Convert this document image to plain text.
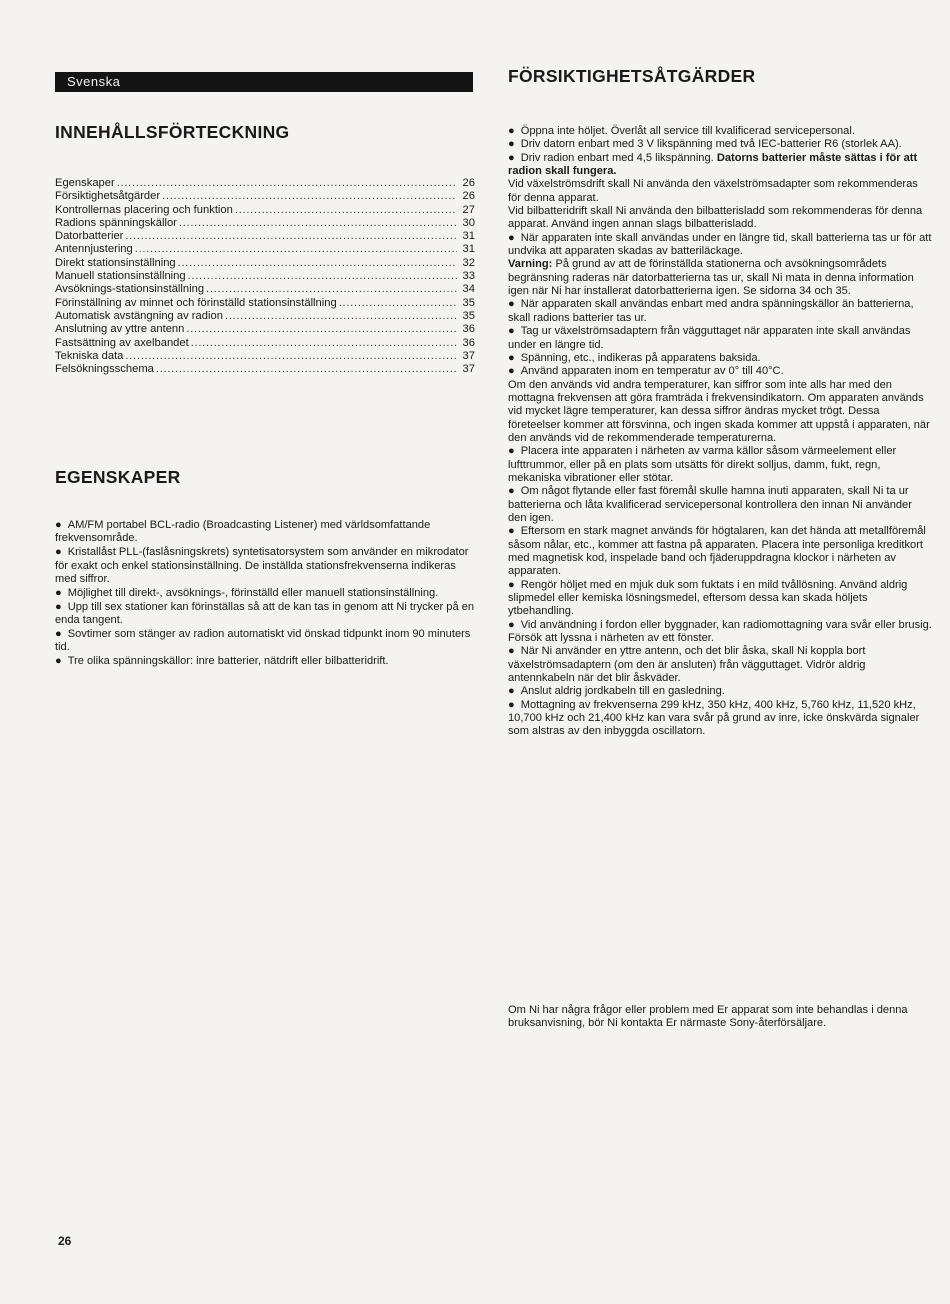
Svenska
INNEHÅLLSFÖRTECKNING
Egenskaper . . .	26
Försiktighetsåtgärder . . .	26
Kontrollernas placering och funktion . . .	27
Radions spänningskällor . . .	30
Datorbatterier . . .	31
Antennjustering . . .	31
Direkt stationsinställning . . .	32
Manuell stationsinställning . . .	33
Avsöknings-stationsinställning . . .	34
Förinställning av minnet och förinställd stationsinställning . . .	35
Automatisk avstängning av radion . . .	35
Anslutning av yttre antenn . . .	36
Fastsättning av axelbandet . . .	36
Tekniska data . . .	37
Felsökningsschema . . .	37
EGENSKAPER
● AM/FM portabel BCL-radio (Broadcasting Listener) med världsomfattande frekvensområde.
● Kristallåst PLL-(faslåsningskrets) syntetisatorsystem som använder en mikrodator för exakt och enkel stationsinställning. De inställda stationsfrekvenserna indikeras med siffror.
● Möjlighet till direkt-, avsöknings-, förinställd eller manuell stationsinställning.
● Upp till sex stationer kan förinställas så att de kan tas in genom att Ni trycker på en enda tangent.
● Sovtimer som stänger av radion automatiskt vid önskad tidpunkt inom 90 minuters tid.
● Tre olika spänningskällor: inre batterier, nätdrift eller bilbatteridrift.
FÖRSIKTIGHETSÅTGÄRDER
● Öppna inte höljet. Överlåt all service till kvalificerad servicepersonal.
● Driv datorn enbart med 3 V likspänning med två IEC-batterier R6 (storlek AA).
● Driv radion enbart med 4,5 likspänning. Datorns batterier måste sättas i för att radion skall fungera.
Vid växelströmsdrift skall Ni använda den växelströmsadapter som rekommenderas för denna apparat.
Vid bilbatteridrift skall Ni använda den bilbatterisladd som rekommenderas för denna apparat. Använd ingen annan slags bilbatterisladd.
● När apparaten inte skall användas under en längre tid, skall batterierna tas ur för att undvika att apparaten skadas av batteriläckage.
Varning: På grund av att de förinställda stationerna och avsökningsområdets begränsning raderas när datorbatterierna tas ur, skall Ni mata in denna information igen när Ni har installerat datorbatterierna igen. Se sidorna 34 och 35.
● När apparaten skall användas enbart med andra spänningskällor än batterierna, skall radions batterier tas ur.
● Tag ur växelströmsadaptern från vägguttaget när apparaten inte skall användas under en längre tid.
● Spänning, etc., indikeras på apparatens baksida.
● Använd apparaten inom en temperatur av 0° till 40°C.
Om den används vid andra temperaturer, kan siffror som inte alls har med den mottagna frekvensen att göra framträda i frekvensindikatorn. Om apparaten används vid mycket lägre temperaturer, kan dessa siffror ändras mycket trögt. Dessa företeelser kommer att försvinna, och ingen skada kommer att uppstå i apparaten, när den används vid de rekommenderade temperaturerna.
● Placera inte apparaten i närheten av varma källor såsom värmeelement eller lufttrummor, eller på en plats som utsätts för direkt solljus, damm, fukt, regn, mekaniska vibrationer eller stötar.
● Om något flytande eller fast föremål skulle hamna inuti apparaten, skall Ni ta ur batterierna och låta kvalificerad servicepersonal kontrollera den innan Ni använder den igen.
● Eftersom en stark magnet används för högtalaren, kan det hända att metallföremål såsom nålar, etc., kommer att fastna på apparaten. Placera inte personliga kreditkort med magnetisk kod, inspelade band och fjäderuppdragna klockor i närheten av apparaten.
● Rengör höljet med en mjuk duk som fuktats i en mild tvållösning. Använd aldrig slipmedel eller kemiska lösningsmedel, eftersom dessa kan skada höljets ytbehandling.
● Vid användning i fordon eller byggnader, kan radiomottagning vara svår eller brusig. Försök att lyssna i närheten av ett fönster.
● När Ni använder en yttre antenn, och det blir åska, skall Ni koppla bort växelströmsadaptern (om den är ansluten) från vägguttaget. Vidrör aldrig antennkabeln när det blir åskväder.
● Anslut aldrig jordkabeln till en gasledning.
● Mottagning av frekvenserna 299 kHz, 350 kHz, 400 kHz, 5,760 kHz, 11,520 kHz, 10,700 kHz och 21,400 kHz kan vara svår på grund av inre, icke önskvärda signaler som alstras av den inbyggda oscillatorn.

Om Ni har några frågor eller problem med Er apparat som inte behandlas i denna bruksanvisning, bör Ni kontakta Er närmaste Sony-återförsäljare.

26
